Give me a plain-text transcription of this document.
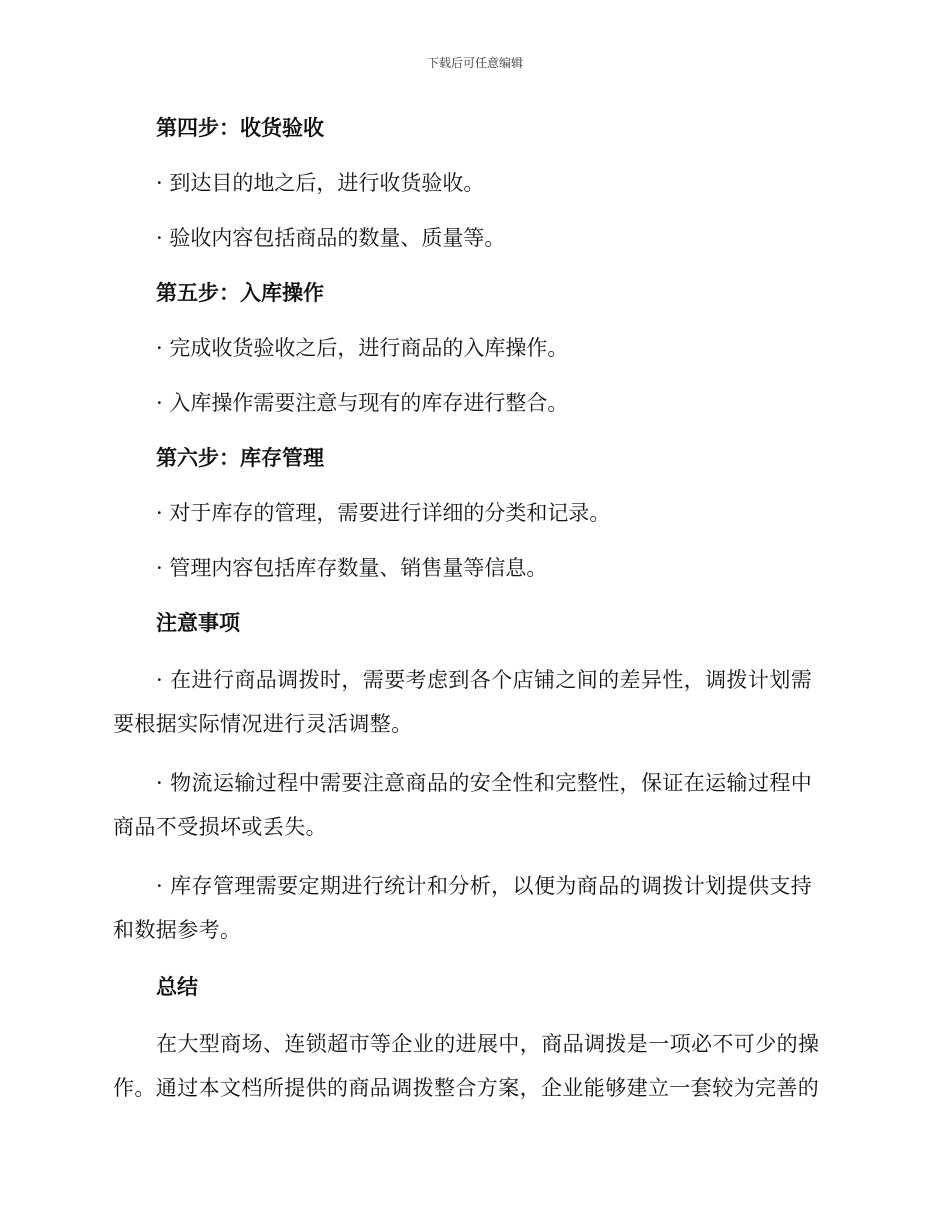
下载后可任意编辑
第四步：收货验收
· 到达目的地之后，进行收货验收。
· 验收内容包括商品的数量、质量等。
第五步：入库操作
· 完成收货验收之后，进行商品的入库操作。
· 入库操作需要注意与现有的库存进行整合。
第六步：库存管理
· 对于库存的管理，需要进行详细的分类和记录。
· 管理内容包括库存数量、销售量等信息。
注意事项
· 在进行商品调拨时，需要考虑到各个店铺之间的差异性，调拨计划需要根据实际情况进行灵活调整。
· 物流运输过程中需要注意商品的安全性和完整性，保证在运输过程中商品不受损坏或丢失。
· 库存管理需要定期进行统计和分析，以便为商品的调拨计划提供支持和数据参考。
总结
在大型商场、连锁超市等企业的进展中，商品调拨是一项必不可少的操作。通过本文档所提供的商品调拨整合方案，企业能够建立一套较为完善的
